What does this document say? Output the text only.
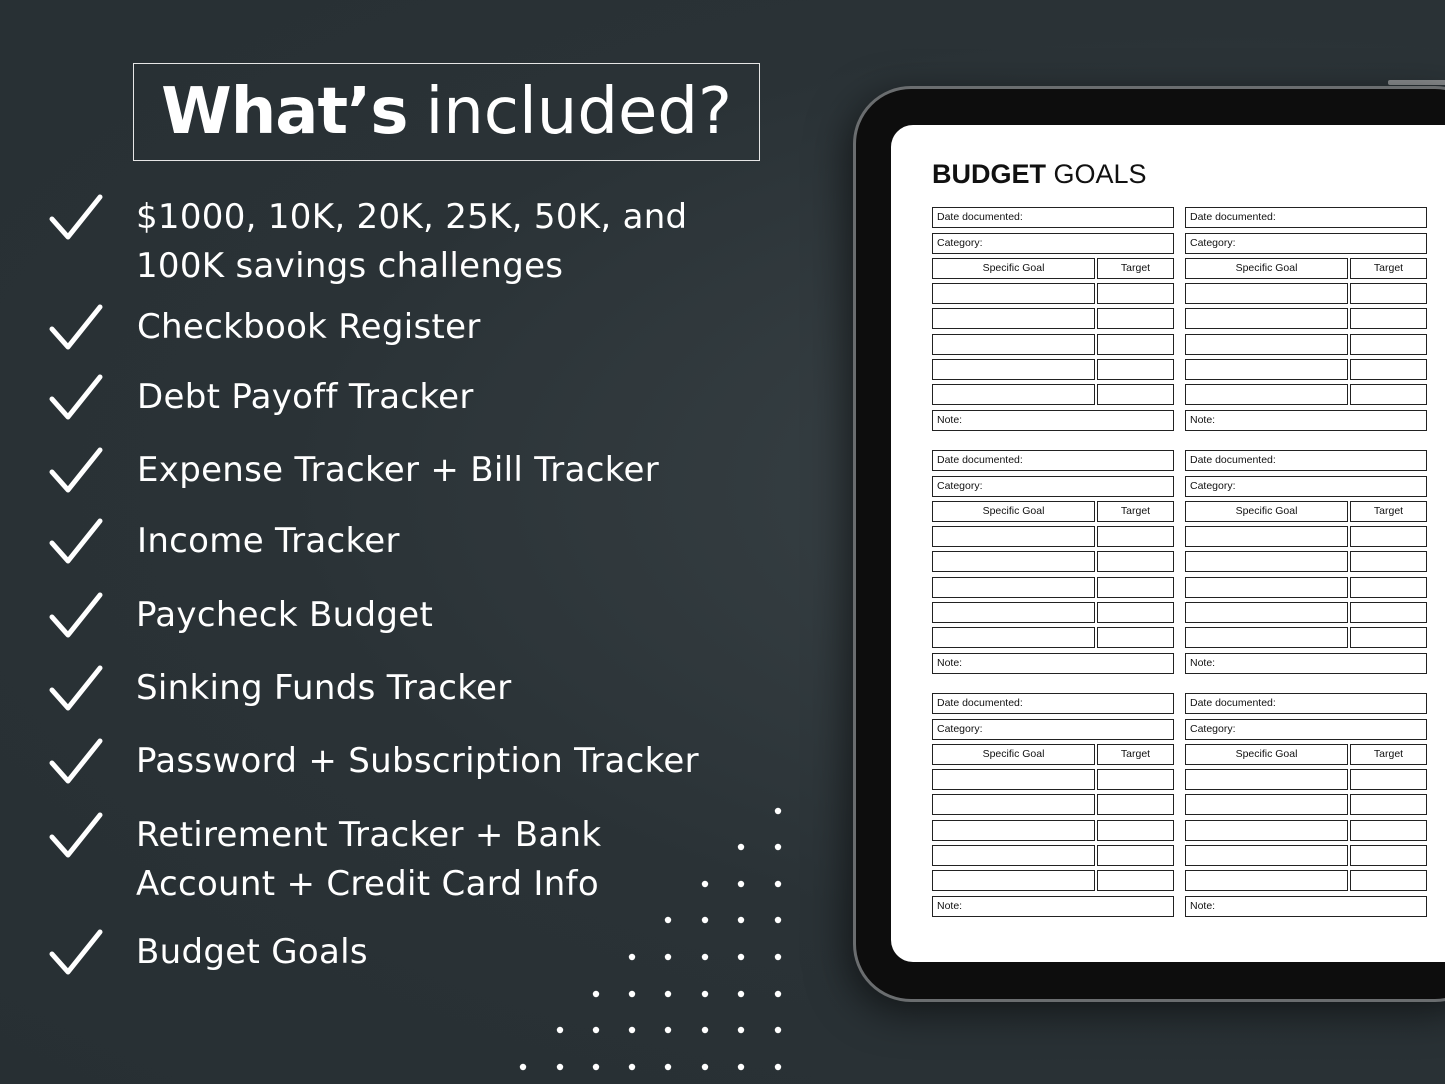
What’s included?
$1000, 10K, 20K, 25K, 50K, and
100K savings challenges
Checkbook Register
Debt Payoff Tracker
Expense Tracker + Bill Tracker
Income Tracker
Paycheck Budget
Sinking Funds Tracker
Password + Subscription Tracker
Retirement Tracker + Bank
Account + Credit Card Info
Budget Goals
BUDGET GOALS
Date documented:
Category:
Specific Goal	Target
Note:
Date documented:
Category:
Specific Goal	Target
Note:
Date documented:
Category:
Specific Goal	Target
Note:
Date documented:
Category:
Specific Goal	Target
Note:
Date documented:
Category:
Specific Goal	Target
Note:
Date documented:
Category:
Specific Goal	Target
Note:
